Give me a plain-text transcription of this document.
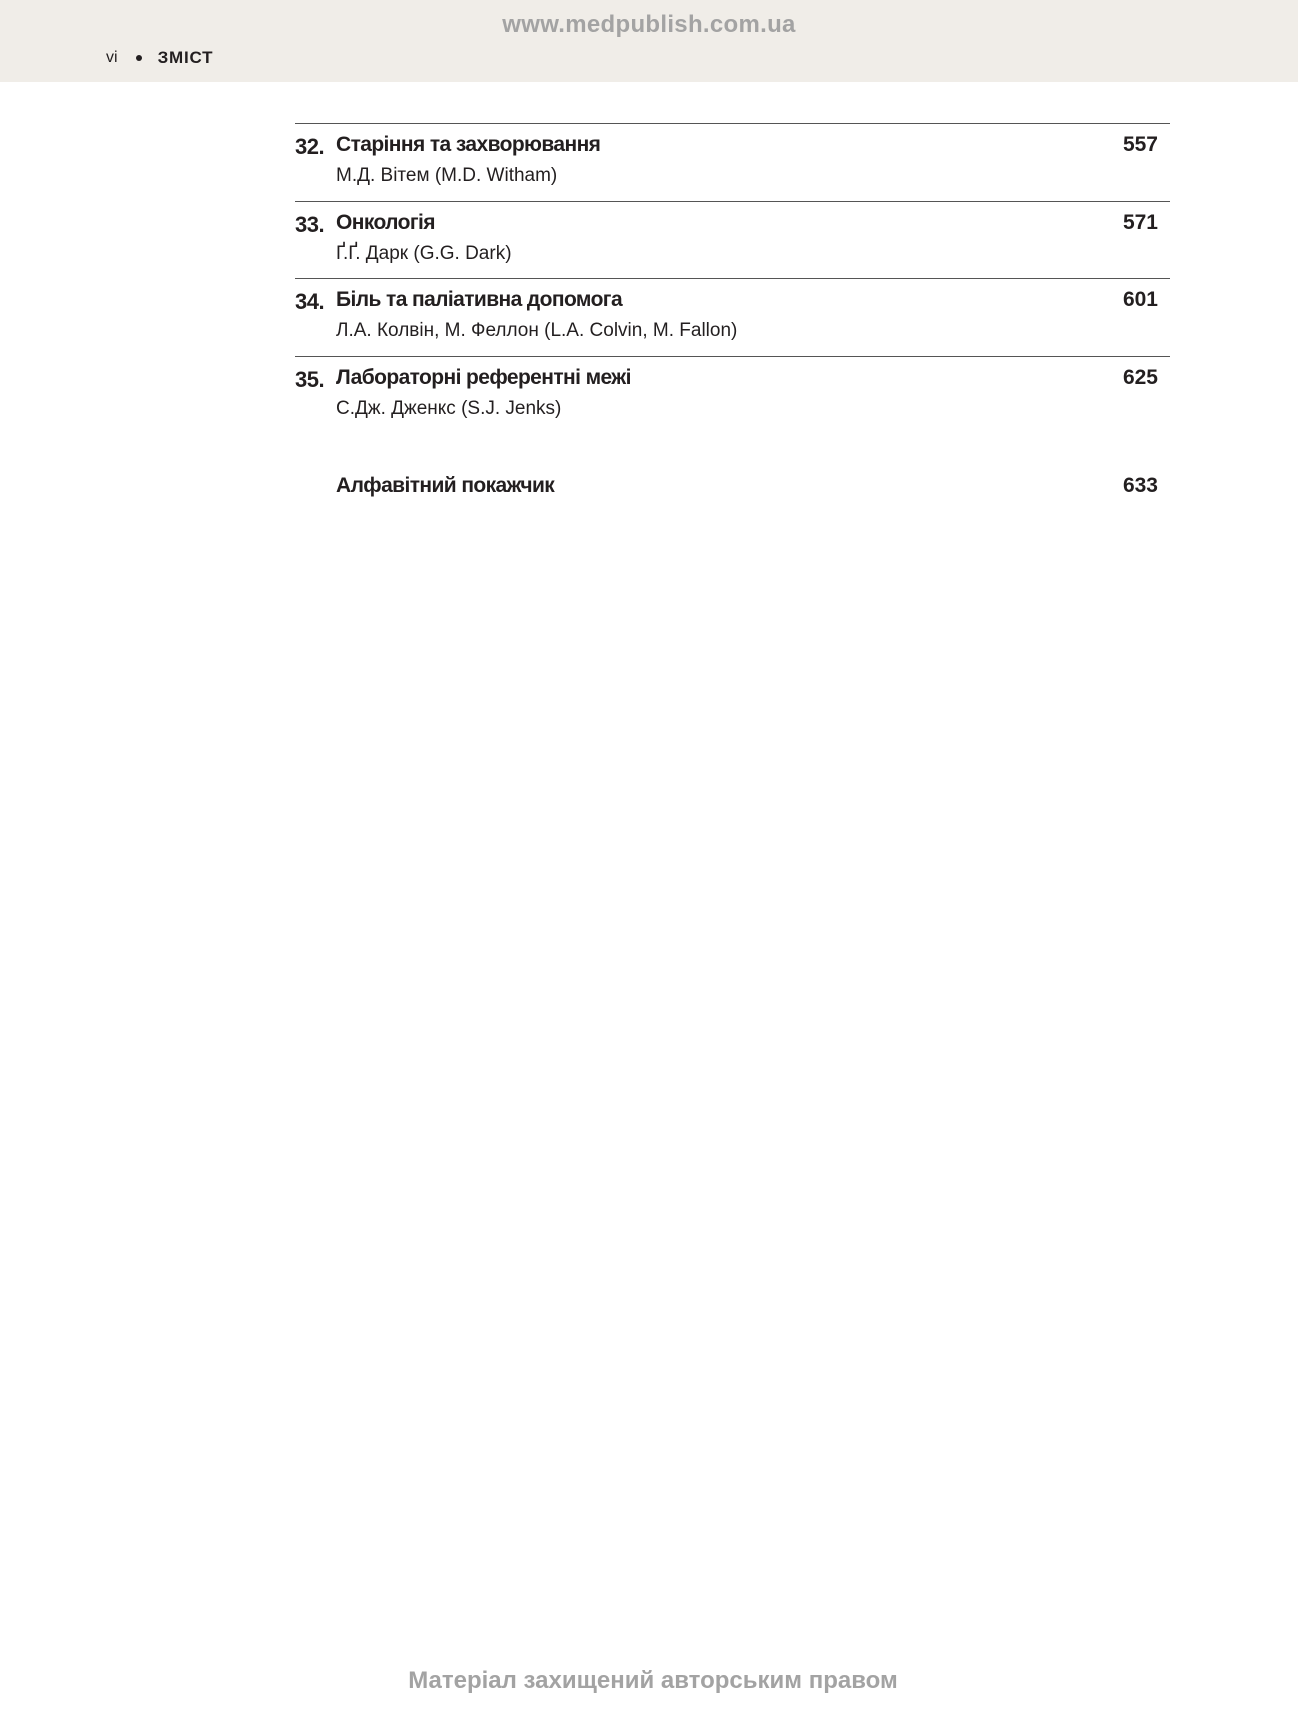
www.medpublish.com.ua
vi ЗМІСТ
32. Старіння та захворювання	557
М.Д. Вітем (M.D. Witham)
33. Онкологія	571
Ґ.Ґ. Дарк (G.G. Dark)
34. Біль та паліативна допомога	601
Л.А. Колвін, М. Феллон (L.A. Colvin, M. Fallon)
35. Лабораторні референтні межі	625
С.Дж. Дженкс (S.J. Jenks)
Алфавітний покажчик	633
Матеріал захищений авторським правом
